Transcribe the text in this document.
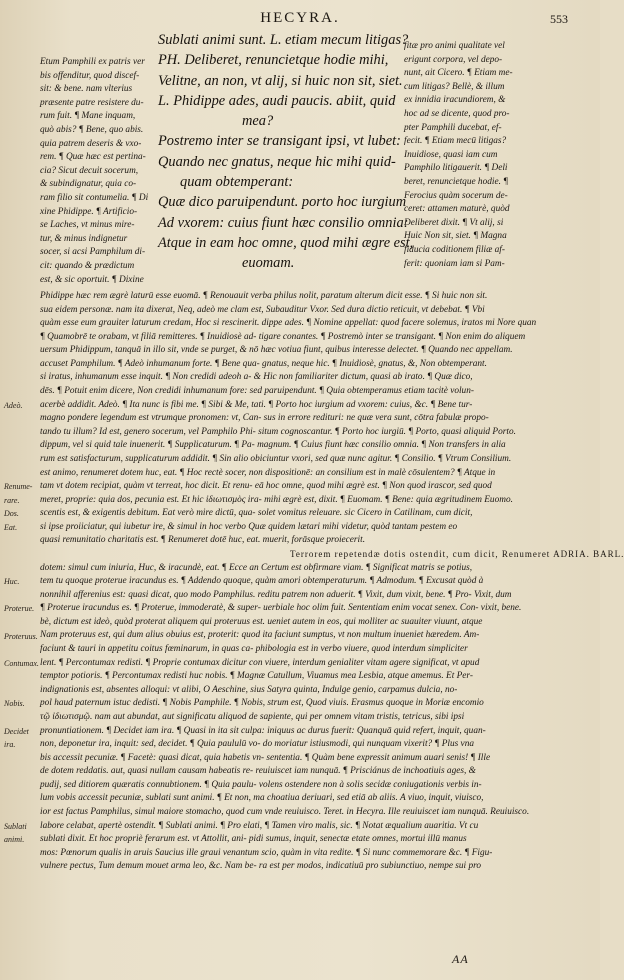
HECYRA.	553
Etum Pamphili ex patris ver
bis offenditur, quod discef-
sit: & bene. nam vlterius
præsente patre resistere du-
rum fuit. ¶ Mane inquam,
quò abis? ¶ Bene, quo abis.
quia patrem deseris & vxo-
rem. ¶ Quæ hæc est pertina-
cia? Sicut decuit socerum,
& subindignatur, quia co-
ram filio sit contumelia. ¶ Di
xine Phidippe. ¶ Artificio-
se Laches, vt minus mire-
tur, & minus indignetur
socer, si acsi Pamphilum di-
cit: quando & prædictum
est, & sic oportuit. ¶ Dixine
Sublati animi sunt. L. etiam mecum litigas?
PH. Deliberet, renuncietque hodie mihi,
Velitne, an non, vt alij, si huic non sit, siet.
L. Phidippe ades, audi paucis. abiit, quid
mea?
Postremo inter se transigant ipsi, vt lubet:
Quando nec gnatus, neque hic mihi quid-
quam obtemperant:
Quæ dico paruipendunt. porto hoc iurgium
Ad vxorem: cuius fiunt hæc consilio omnia:
Atque in eam hoc omne, quod mihi ægre est,
euomam.
fitæ pro animi qualitate vel
erigunt corpora, vel depo-
nunt, ait Cicero. ¶ Etiam me-
cum litigas? Bellè, & illum
ex innidia iracundiorem, &
hoc ad se dicente, quod pro-
pter Pamphili ducebat, ef-
fecit. ¶ Etiam mecū litigas?
Inuidiose, quasi iam cum
Pamphilo litigauerit. ¶ Deli
beret, renuncietque hodie. ¶
Ferocius quàm socerum de-
ceret: attamen maturè, quòd
Deliberet dixit. ¶ Vt alij, si
Huic Non sit, siet. ¶ Magna
fiducia coditionem filiæ af-
ferit: quoniam iam si Pam-
Phidippe hæc rem ægrè laturū esse euomā. ¶ Renouauit verba philus nolit, paratum alterum dicit esse. ¶ Si huic non sit.
sua eidem personæ. nam ita dixerat, Neq, adeò me clam est, Subauditur Vxor. Sed dura dictio reticuit, vt debebat. ¶ Vbi
quàm esse eum grauiter laturum credam, Hoc si rescinerit. dippe ades. ¶ Nomine appellat: quod facere solemus, iratos mi Nore quan
¶ Quamobrē te orabam, vt filiā remitteres. ¶ Inuidiosè ad- tigare conantes. ¶ Postremò inter se transigant. ¶ Non enim do aliquem
uersum Phidippum, tanquā in illo sit, vnde se purget, & nō hæc votiua fiunt, quibus interesse delectet. ¶ Quando nec appellam.
accuset Pamphilum. ¶ Adeò inhumanum forte. ¶ Bene qua- gnatus, neque hic. ¶ Inuidiosè, gnatus, &, Non obtemperant.
si iratus, inhumanum esse inquit. ¶ Non credidi adeoh a- & Hic non familiariter dictum, quasi ab irato. ¶ Quæ dico,
dēs. ¶ Potuit enim dicere, Non credidi inhumanum fore: sed paruipendunt. ¶ Quia obtemperamus etiam tacitè volun-
acerbè addidit. Adeò. ¶ Ita nunc is fibi me. ¶ Sibi & Me, tati. ¶ Porto hoc iurgium ad vxorem: cuius, &c. ¶ Bene tur-
magno pondere legendum est vtrumque pronomen: vt, Can- sus in errore redituri: ne quæ vera sunt, cōtra fabulæ propo-
tando tu illum? Id est, genero socerum, vel Pamphilo Phi- situm cognoscantur. ¶ Porto hoc iurgiū. ¶ Porto, quasi aliquid Porto.
dippum, vel si quid tale inuenerit. ¶ Supplicaturum. ¶ Pa- magnum. ¶ Cuius fiunt hæc consilio omnia. ¶ Non transfers in alia
rum est satisfacturum, supplicaturum addidit. ¶ Sin alio obiciuntur vxori, sed quæ nunc agitur. ¶ Consilio. ¶ Vtrum Consilium.
est animo, renumeret dotem huc, eat. ¶ Hoc rectè socer, non dispositionē: an consilium est in malè cōsulentem? ¶ Atque in
tam vt dotem recipiat, quàm vt terreat, hoc dicit. Et renu- eā hoc omne, quod mihi ægrè est. ¶ Non quod irascor, sed quod
meret, proprie: quia dos, pecunia est. Et hic ἰδιωτισμὸς ira- mihi ægrè est, dixit. ¶ Euomam. ¶ Bene: quia ægritudinem Euomo.
scentis est, & exigentis debitum. Eat verò mire dictū, qua- solet vomitus releuare. sic Cicero in Catilinam, cum dicit,
si ipse proiiciatur, qui iubetur ire, & simul in hoc verbo Quæ quidem lætari mihi videtur, quòd tantam pestem eo
quasi remunitatio charitatis est. ¶ Renumeret dotē huc, eat. muerit, forāsque proiecerit.
Terrorem repetendæ dotis ostendit, cum dicit, Renumeret ADRIA. BARL.
dotem: simul cum iniuria, Huc, & iracundè, eat. ¶ Ecce an Certum est obfirmare viam. ¶ Significat matris se potius,
tem tu quoque proterue iracundus es. ¶ Addendo quoque, quàm amori obtemperaturum. ¶ Admodum. ¶ Excusat quòd à
nonnihil afferenius est: quasi dicat, quo modo Pamphilus. reditu patrem non aduerit. ¶ Vixit, dum vixit, bene. ¶ Pro- Vixit, dum
¶ Proterue iracundus es. ¶ Proterue, immoderatè, & super- uerbiale hoc olim fuit. Sententiam enim vocat senex. Con- vixit, bene.
bè, dictum est ideò, quòd proterat aliquem qui proteruus est. ueniet autem in eos, qui molliter ac suauiter viuunt, atque
Nam proteruus est, qui dum alius obuius est, proterit: quod ita faciunt sumptus, vt non multum inueniet hæredem. Am-
faciunt & tauri in appetitu coitus fœminarum, in quas ca- phibologia est in verbo viuere, quod interdum simpliciter
lent. ¶ Percontumax redisti. ¶ Proprie contumax dicitur con viuere, interdum genialiter vitam agere significat, vt apud
temptor potioris. ¶ Percontumax redisti huc nobis. ¶ Magnæ Catullum, Viuamus mea Lesbia, atque amemus. Et Per-
indignationis est, absentes alloqui: vt alibi, O Aeschine, sius Satyra quinta, Indulge genio, carpamus dulcia, no-
pol haud paternum istuc dedisti. ¶ Nobis Pamphile. ¶ Nobis, strum est, Quod viuis. Erasmus quoque in Moriæ encomio
τῷ ἰδιωτισμῷ. nam aut abundat, aut significatu aliquod de sapiente, qui per omnem vitam tristis, tetricus, sibi ipsi
pronuntiationem. ¶ Decidet iam ira. ¶ Quasi in ita sit culpa: iniquus ac durus fuerit: Quanquā quid refert, inquit, quan-
non, deponetur ira, inquit: sed, decidet. ¶ Quia paululū vo- do moriatur istiusmodi, qui nunquam vixerit? ¶ Plus vna
bis accessit pecuniæ. ¶ Facetè: quasi dicat, quia habetis vn- sententia. ¶ Quàm bene expressit animum auari senis! ¶ Ille
de dotem reddatis. aut, quasi nullam causam habeatis re- reuiuiscet iam nunquā. ¶ Prisciánus de inchoatiuis ages, &
pudij, sed ditiorem quæratis connubtionem. ¶ Quia paulu- volens ostendere non à solis secidæ coniugationis verbis in-
lum vobis accessit pecuniæ, sublati sunt animi. ¶ Et non, ma choatiua deriuari, sed etiā ab aliis. A viuo, inquit, viuisco,
ior est factus Pamphilus, simul maiore stomacho, quod cum vnde reuiuisco. Teret. in Hecyra. Ille reuiuiscet iam nunquā. Reuiuisco.
labore celabat, apertè ostendit. ¶ Sublati animi. ¶ Pro elati, ¶ Tamen viro malis, sic. ¶ Notat æqualium auaritia. Vt cu
sublati dixit. Et hoc propriè ferarum est. vt Attollit, ani- pidi sumus, inquit, senectæ etate omnes, mortui illū manus
mos: Pœnorum qualis in aruis Saucius ille graui venantum scio, quàm in vita redite. ¶ Si nunc commemorare &c. ¶ Figu-
vulnere pectus, Tum demum mouet arma leo, &c. Nam be- ra est per modos, indicatiuū pro subiunctiuo, nempe sui pro
Adeò.
Renume-
rare.
Dos.
Eat.
Huc.
Proterue.
Proteruus.
Contumax.
Nobis.
Decidet
ira.
Sublati
animi.
AA
